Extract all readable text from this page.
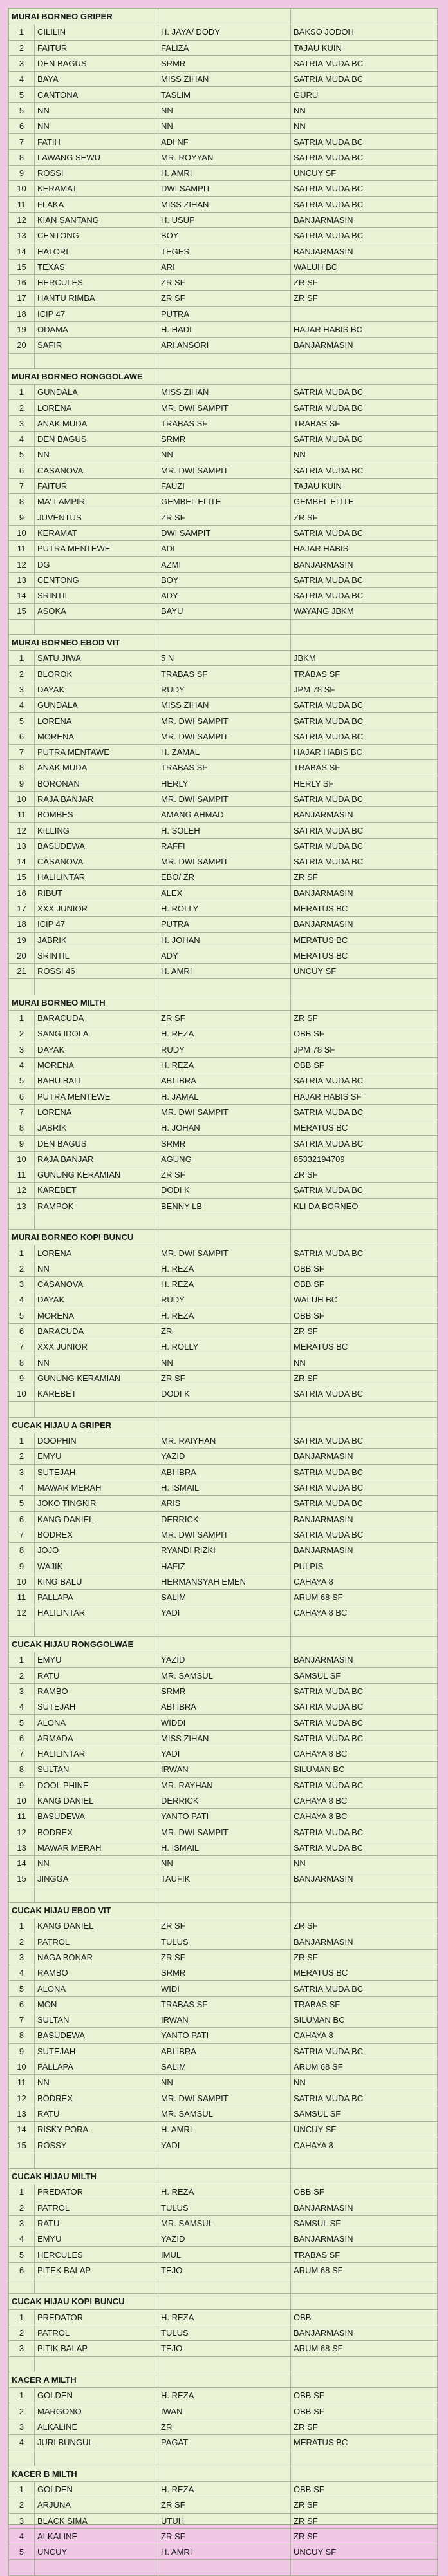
MURAI BORNEO GRIPER			
1	CILILIN	H. JAYA/ DODY	BAKSO JODOH
2	FAITUR	FALIZA	TAJAU KUIN
3	DEN BAGUS	SRMR	SATRIA MUDA BC
4	BAYA	MISS ZIHAN	SATRIA MUDA BC
5	CANTONA	TASLIM	GURU
5	NN	NN	NN
6	NN	NN	NN
7	FATIH	ADI NF	SATRIA MUDA BC
8	LAWANG SEWU	MR. ROYYAN	SATRIA MUDA BC
9	ROSSI	H. AMRI	UNCUY SF
10	KERAMAT	DWI SAMPIT	SATRIA MUDA BC
11	FLAKA	MISS ZIHAN	SATRIA MUDA BC
12	KIAN SANTANG	H. USUP	BANJARMASIN
13	CENTONG	BOY	SATRIA MUDA BC
14	HATORI	TEGES	BANJARMASIN
15	TEXAS	ARI	WALUH BC
16	HERCULES	ZR SF	ZR SF
17	HANTU RIMBA	ZR SF	ZR SF
18	ICIP 47	PUTRA	
19	ODAMA	H. HADI	HAJAR HABIS BC
20	SAFIR	ARI ANSORI	BANJARMASIN

MURAI BORNEO RONGGOLAWE			
1	GUNDALA	MISS ZIHAN	SATRIA MUDA BC
2	LORENA	MR. DWI SAMPIT	SATRIA MUDA BC
3	ANAK MUDA	TRABAS SF	TRABAS SF
4	DEN BAGUS	SRMR	SATRIA MUDA BC
5	NN	NN	NN
6	CASANOVA	MR. DWI SAMPIT	SATRIA MUDA BC
7	FAITUR	FAUZI	TAJAU KUIN
8	MA' LAMPIR	GEMBEL ELITE	GEMBEL ELITE
9	JUVENTUS	ZR SF	ZR SF
10	KERAMAT	DWI SAMPIT	SATRIA MUDA BC
11	PUTRA MENTEWE	ADI	HAJAR HABIS
12	DG	AZMI	BANJARMASIN
13	CENTONG	BOY	SATRIA MUDA BC
14	SRINTIL	ADY	SATRIA MUDA BC
15	ASOKA	BAYU	WAYANG JBKM

MURAI BORNEO EBOD VIT			
1	SATU JIWA	5 N	JBKM
2	BLOROK	TRABAS SF	TRABAS SF
3	DAYAK	RUDY	JPM 78 SF
4	GUNDALA	MISS ZIHAN	SATRIA MUDA BC
5	LORENA	MR. DWI SAMPIT	SATRIA MUDA BC
6	MORENA	MR. DWI SAMPIT	SATRIA MUDA BC
7	PUTRA MENTAWE	H. ZAMAL	HAJAR HABIS BC
8	ANAK MUDA	TRABAS SF	TRABAS SF
9	BORONAN	HERLY	HERLY SF
10	RAJA BANJAR	MR. DWI SAMPIT	SATRIA MUDA BC
11	BOMBES	AMANG AHMAD	BANJARMASIN
12	KILLING	H. SOLEH	SATRIA MUDA BC
13	BASUDEWA	RAFFI	SATRIA MUDA BC
14	CASANOVA	MR. DWI SAMPIT	SATRIA MUDA BC
15	HALILINTAR	EBO/ ZR	ZR SF
16	RIBUT	ALEX	BANJARMASIN
17	XXX JUNIOR	H. ROLLY	MERATUS BC
18	ICIP 47	PUTRA	BANJARMASIN
19	JABRIK	H. JOHAN	MERATUS BC
20	SRINTIL	ADY	MERATUS BC
21	ROSSI 46	H. AMRI	UNCUY SF

MURAI BORNEO MILTH			
1	BARACUDA	ZR SF	ZR SF
2	SANG IDOLA	H. REZA	OBB SF
3	DAYAK	RUDY	JPM 78 SF
4	MORENA	H. REZA	OBB SF
5	BAHU BALI	ABI IBRA	SATRIA MUDA BC
6	PUTRA MENTEWE	H. JAMAL	HAJAR HABIS SF
7	LORENA	MR. DWI SAMPIT	SATRIA MUDA BC
8	JABRIK	H. JOHAN	MERATUS BC
9	DEN BAGUS	SRMR	SATRIA MUDA BC
10	RAJA BANJAR	AGUNG	85332194709
11	GUNUNG KERAMIAN	ZR SF	ZR SF
12	KAREBET	DODI K	SATRIA MUDA BC
13	RAMPOK	BENNY LB	KLI DA BORNEO

MURAI BORNEO KOPI BUNCU			
1	LORENA	MR. DWI SAMPIT	SATRIA MUDA BC
2	NN	H. REZA	OBB SF
3	CASANOVA	H. REZA	OBB SF
4	DAYAK	RUDY	WALUH BC
5	MORENA	H. REZA	OBB SF
6	BARACUDA	ZR	ZR SF
7	XXX JUNIOR	H. ROLLY	MERATUS BC
8	NN	NN	NN
9	GUNUNG KERAMIAN	ZR SF	ZR SF
10	KAREBET	DODI K	SATRIA MUDA BC

CUCAK HIJAU A GRIPER			
1	DOOPHIN	MR. RAIYHAN	SATRIA MUDA BC
2	EMYU	YAZID	BANJARMASIN
3	SUTEJAH	ABI IBRA	SATRIA MUDA BC
4	MAWAR MERAH	H. ISMAIL	SATRIA MUDA BC
5	JOKO TINGKIR	ARIS	SATRIA MUDA BC
6	KANG DANIEL	DERRICK	BANJARMASIN
7	BODREX	MR. DWI SAMPIT	SATRIA MUDA BC
8	JOJO	RYANDI RIZKI	BANJARMASIN
9	WAJIK	HAFIZ	PULPIS
10	KING BALU	HERMANSYAH EMEN	CAHAYA 8
11	PALLAPA	SALIM	ARUM 68 SF
12	HALILINTAR	YADI	CAHAYA 8 BC

CUCAK HIJAU RONGGOLWAE			
1	EMYU	YAZID	BANJARMASIN
2	RATU	MR. SAMSUL	SAMSUL SF
3	RAMBO	SRMR	SATRIA MUDA BC
4	SUTEJAH	ABI IBRA	SATRIA MUDA BC
5	ALONA	WIDDI	SATRIA MUDA BC
6	ARMADA	MISS ZIHAN	SATRIA MUDA BC
7	HALILINTAR	YADI	CAHAYA 8 BC
8	SULTAN	IRWAN	SILUMAN BC
9	DOOL PHINE	MR. RAYHAN	SATRIA MUDA BC
10	KANG DANIEL	DERRICK	CAHAYA 8 BC
11	BASUDEWA	YANTO PATI	CAHAYA 8 BC
12	BODREX	MR. DWI SAMPIT	SATRIA MUDA BC
13	MAWAR MERAH	H. ISMAIL	SATRIA MUDA BC
14	NN	NN	NN
15	JINGGA	TAUFIK	BANJARMASIN

CUCAK HIJAU EBOD VIT			
1	KANG DANIEL	ZR SF	ZR SF
2	PATROL	TULUS	BANJARMASIN
3	NAGA BONAR	ZR SF	ZR SF
4	RAMBO	SRMR	MERATUS BC
5	ALONA	WIDI	SATRIA MUDA BC
6	MON	TRABAS SF	TRABAS SF
7	SULTAN	IRWAN	SILUMAN BC
8	BASUDEWA	YANTO PATI	CAHAYA 8
9	SUTEJAH	ABI IBRA	SATRIA MUDA BC
10	PALLAPA	SALIM	ARUM 68 SF
11	NN	NN	NN
12	BODREX	MR. DWI SAMPIT	SATRIA MUDA BC
13	RATU	MR. SAMSUL	SAMSUL SF
14	RISKY PORA	H. AMRI	UNCUY SF
15	ROSSY	YADI	CAHAYA 8

CUCAK HIJAU MILTH			
1	PREDATOR	H. REZA	OBB SF
2	PATROL	TULUS	BANJARMASIN
3	RATU	MR. SAMSUL	SAMSUL SF
4	EMYU	YAZID	BANJARMASIN
5	HERCULES	IMUL	TRABAS SF
6	PITEK BALAP	TEJO	ARUM 68 SF

CUCAK HIJAU KOPI BUNCU			
1	PREDATOR	H. REZA	OBB
2	PATROL	TULUS	BANJARMASIN
3	PITIK BALAP	TEJO	ARUM 68 SF

KACER A MILTH			
1	GOLDEN	H. REZA	OBB SF
2	MARGONO	IWAN	OBB SF
3	ALKALINE	ZR	ZR SF
4	JURI BUNGUL	PAGAT	MERATUS BC

KACER B MILTH			
1	GOLDEN	H. REZA	OBB SF
2	ARJUNA	ZR SF	ZR SF
3	BLACK SIMA	UTUH	ZR SF
4	ALKALINE	ZR SF	ZR SF
5	UNCUY	H. AMRI	UNCUY SF
